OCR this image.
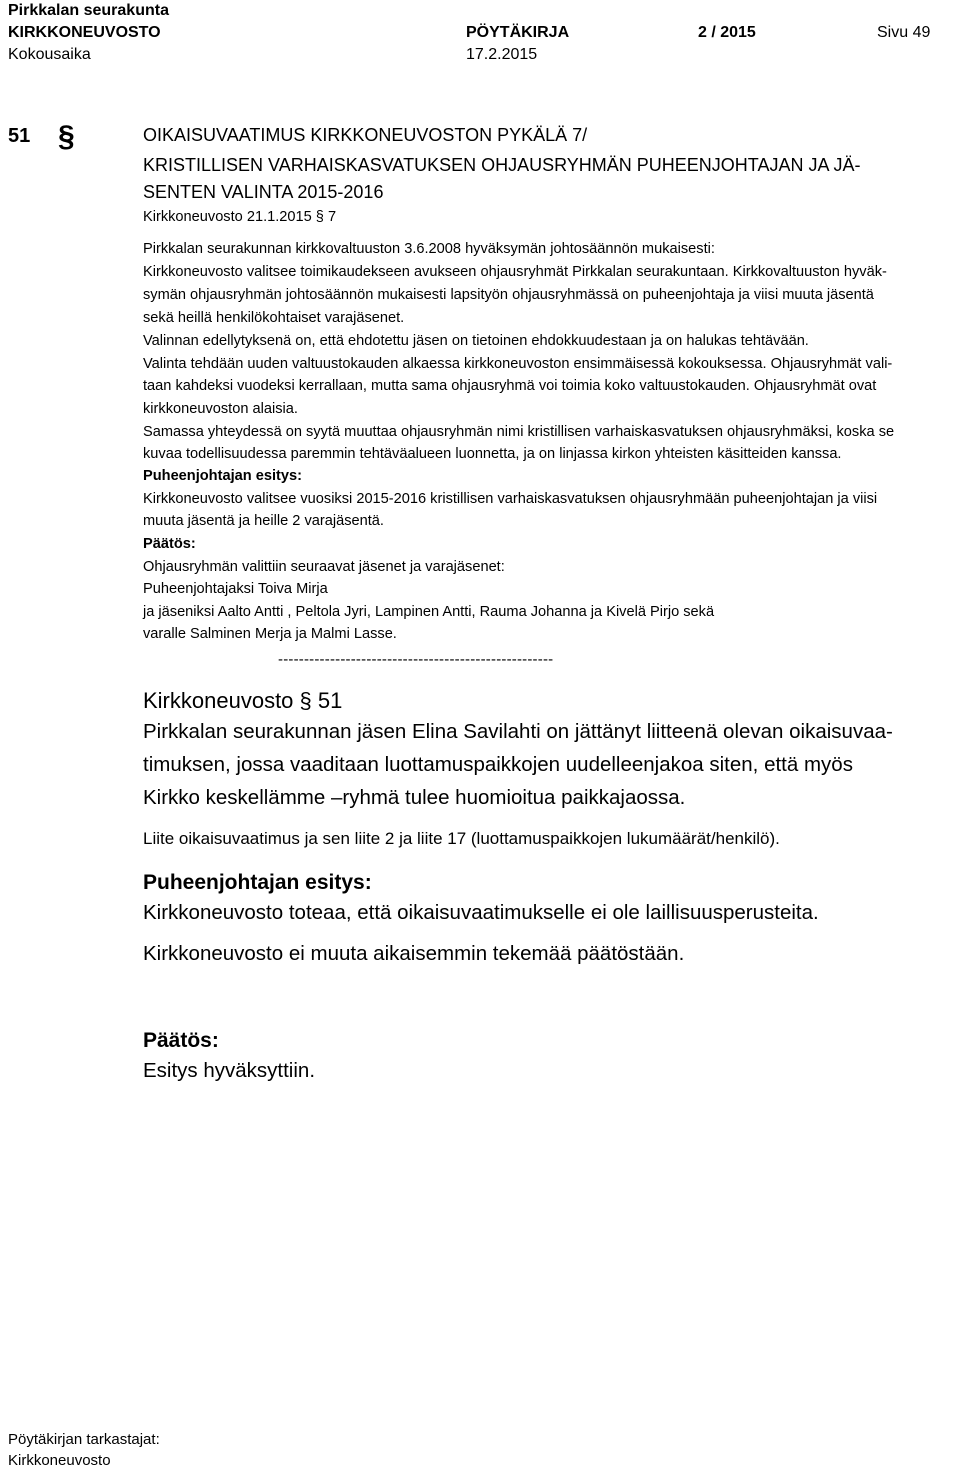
Pirkkalan seurakunta
KIRKKONEUVOSTO	PÖYTÄKIRJA	2 / 2015	Sivu 49
Kokousaika	17.2.2015
51 §	OIKAISUVAATIMUS KIRKKONEUVOSTON PYKÄLÄ 7/
KRISTILLISEN VARHAISKASVATUKSEN OHJAUSRYHMÄN PUHEENJOHTAJAN JA JÄ-
SENTEN VALINTA 2015-2016
Kirkkoneuvosto 21.1.2015 § 7
Pirkkalan seurakunnan kirkkovaltuuston 3.6.2008 hyväksymän johtosäännön mukaisesti:
Kirkkoneuvosto valitsee toimikaudekseen avukseen ohjausryhmät Pirkkalan seurakuntaan. Kirkkovaltuuston hyväk-
symän ohjausryhmän johtosäännön mukaisesti lapsityön ohjausryhmässä on puheenjohtaja ja viisi muuta jäsentä
sekä heillä henkilökohtaiset varajäsenet.
Valinnan edellytyksenä on, että ehdotettu jäsen on tietoinen ehdokkuudestaan ja on halukas tehtävään.
Valinta tehdään uuden valtuustokauden alkaessa kirkkoneuvoston ensimmäisessä kokouksessa. Ohjausryhmät vali-
taan kahdeksi vuodeksi kerrallaan, mutta sama ohjausryhmä voi toimia koko valtuustokauden. Ohjausryhmät ovat
kirkkoneuvoston alaisia.
Samassa yhteydessä on syytä muuttaa ohjausryhmän nimi kristillisen varhaiskasvatuksen ohjausryhmäksi, koska se
kuvaa todellisuudessa paremmin tehtäväalueen luonnetta, ja on linjassa kirkon yhteisten käsitteiden kanssa.
Puheenjohtajan esitys:
Kirkkoneuvosto valitsee vuosiksi 2015-2016 kristillisen varhaiskasvatuksen ohjausryhmään puheenjohtajan ja viisi
muuta jäsentä ja heille 2 varajäsentä.
Päätös:
Ohjausryhmän valittiin seuraavat jäsenet ja varajäsenet:
Puheenjohtajaksi Toiva Mirja
ja jäseniksi Aalto Antti , Peltola Jyri, Lampinen Antti, Rauma Johanna ja Kivelä Pirjo sekä
varalle Salminen Merja ja Malmi Lasse.
-----------------------------------------------------
Kirkkoneuvosto § 51
Pirkkalan seurakunnan jäsen Elina Savilahti on jättänyt liitteenä olevan oikaisuvaa-
timuksen, jossa vaaditaan luottamuspaikkojen uudelleenjakoa siten, että myös
Kirkko keskellämme –ryhmä tulee huomioitua paikkajaossa.
Liite oikaisuvaatimus ja sen liite 2 ja liite 17 (luottamuspaikkojen lukumäärät/henkilö).
Puheenjohtajan esitys:
Kirkkoneuvosto toteaa, että oikaisuvaatimukselle ei ole laillisuusperusteita.
Kirkkoneuvosto ei muuta aikaisemmin tekemää päätöstään.
Päätös:
Esitys hyväksyttiin.
Pöytäkirjan tarkastajat:
Kirkkoneuvosto
